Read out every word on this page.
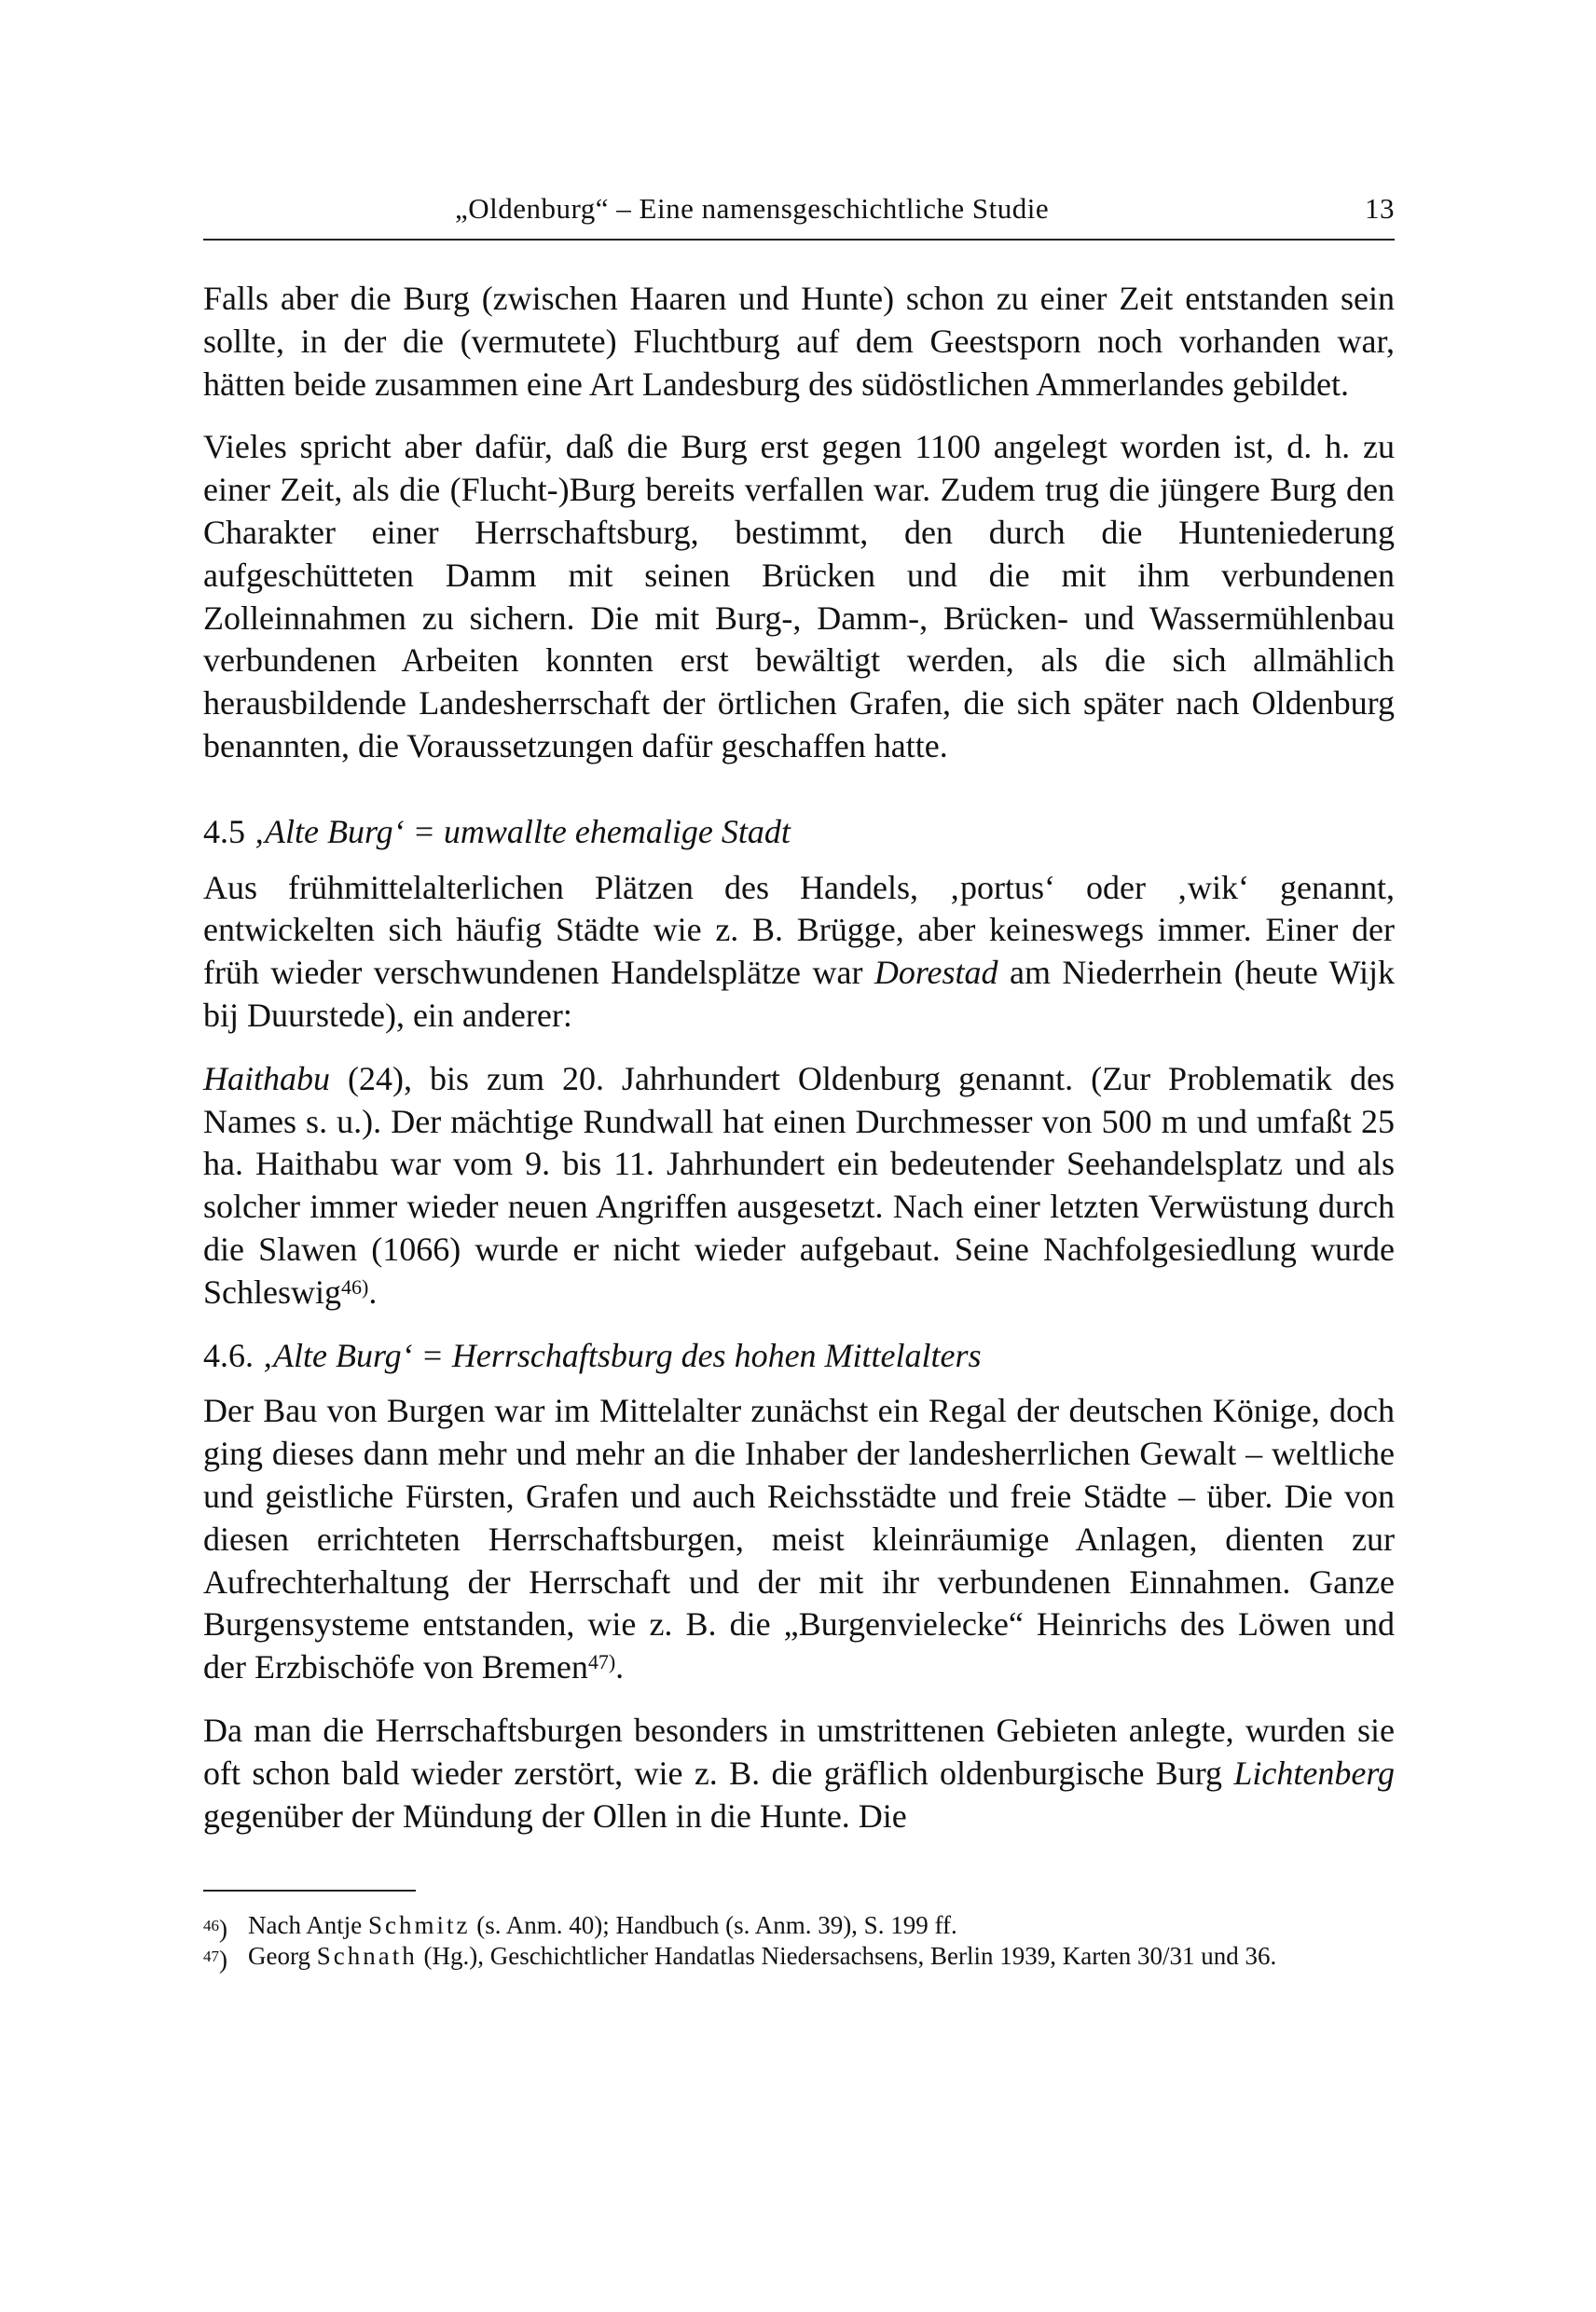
„Oldenburg“ – Eine namensgeschichtliche Studie	13

Falls aber die Burg (zwischen Haaren und Hunte) schon zu einer Zeit entstanden sein sollte, in der die (vermutete) Fluchtburg auf dem Geestsporn noch vorhanden war, hätten beide zusammen eine Art Landesburg des südöstlichen Ammerlandes gebildet.

Vieles spricht aber dafür, daß die Burg erst gegen 1100 angelegt worden ist, d. h. zu einer Zeit, als die (Flucht-)Burg bereits verfallen war. Zudem trug die jüngere Burg den Charakter einer Herrschaftsburg, bestimmt, den durch die Hunteniederung aufgeschütteten Damm mit seinen Brücken und die mit ihm verbundenen Zolleinnahmen zu sichern. Die mit Burg-, Damm-, Brücken- und Wassermühlenbau verbundenen Arbeiten konnten erst bewältigt werden, als die sich allmählich herausbildende Landesherrschaft der örtlichen Grafen, die sich später nach Oldenburg benannten, die Voraussetzungen dafür geschaffen hatte.

4.5 ‚Alte Burg‘ = umwallte ehemalige Stadt

Aus frühmittelalterlichen Plätzen des Handels, ‚portus‘ oder ‚wik‘ genannt, entwickelten sich häufig Städte wie z. B. Brügge, aber keineswegs immer. Einer der früh wieder verschwundenen Handelsplätze war Dorestad am Niederrhein (heute Wijk bij Duurstede), ein anderer:

Haithabu (24), bis zum 20. Jahrhundert Oldenburg genannt. (Zur Problematik des Names s. u.). Der mächtige Rundwall hat einen Durchmesser von 500 m und umfaßt 25 ha. Haithabu war vom 9. bis 11. Jahrhundert ein bedeutender Seehandelsplatz und als solcher immer wieder neuen Angriffen ausgesetzt. Nach einer letzten Verwüstung durch die Slawen (1066) wurde er nicht wieder aufgebaut. Seine Nachfolgesiedlung wurde Schleswig$^{46)}$.

4.6. ‚Alte Burg‘ = Herrschaftsburg des hohen Mittelalters

Der Bau von Burgen war im Mittelalter zunächst ein Regal der deutschen Könige, doch ging dieses dann mehr und mehr an die Inhaber der landesherrlichen Gewalt – weltliche und geistliche Fürsten, Grafen und auch Reichsstädte und freie Städte – über. Die von diesen errichteten Herrschaftsburgen, meist kleinräumige Anlagen, dienten zur Aufrechterhaltung der Herrschaft und der mit ihr verbundenen Einnahmen. Ganze Burgensysteme entstanden, wie z. B. die „Burgenvielecke“ Heinrichs des Löwen und der Erzbischöfe von Bremen$^{47)}$.

Da man die Herrschaftsburgen besonders in umstrittenen Gebieten anlegte, wurden sie oft schon bald wieder zerstört, wie z. B. die gräflich oldenburgische Burg Lichtenberg gegenüber der Mündung der Ollen in die Hunte. Die

$^{46}$) Nach Antje Schmitz (s. Anm. 40); Handbuch (s. Anm. 39), S. 199 ff.
$^{47}$) Georg Schnath (Hg.), Geschichtlicher Handatlas Niedersachsens, Berlin 1939, Karten 30/31 und 36.
